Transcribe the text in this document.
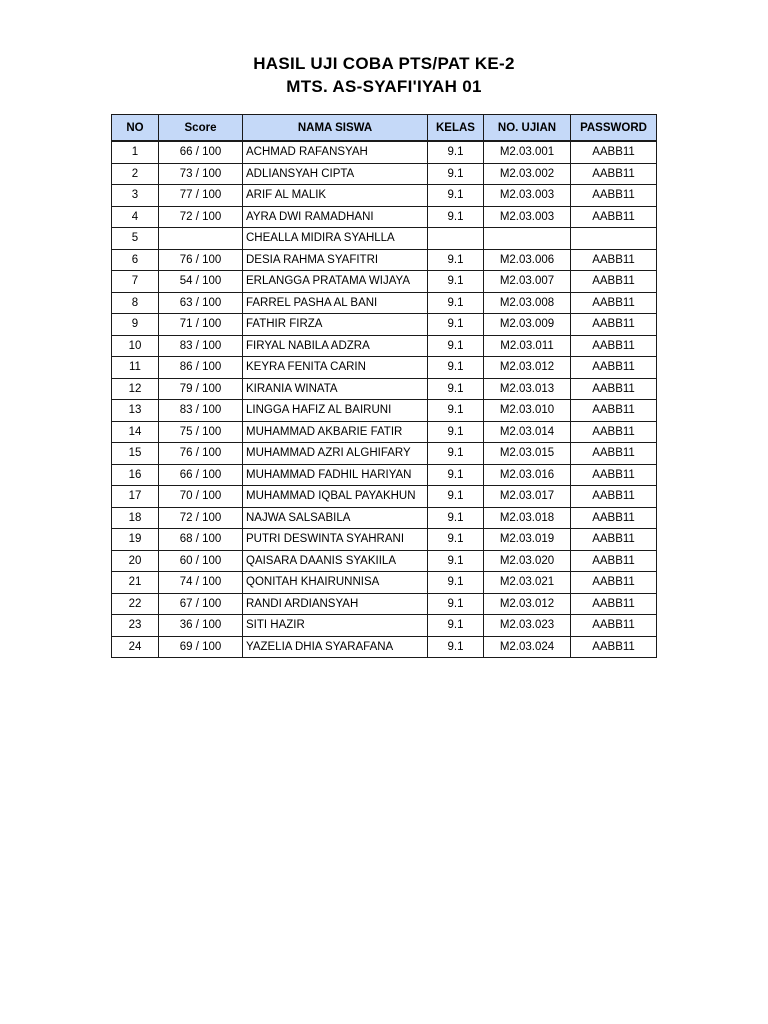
HASIL UJI COBA PTS/PAT KE-2

MTS. AS-SYAFI'IYAH 01

NO	Score	NAMA SISWA	KELAS	NO. UJIAN	PASSWORD
1	66 / 100	ACHMAD RAFANSYAH	9.1	M2.03.001	AABB11
2	73 / 100	ADLIANSYAH CIPTA	9.1	M2.03.002	AABB11
3	77 / 100	ARIF AL MALIK	9.1	M2.03.003	AABB11
4	72 / 100	AYRA DWI RAMADHANI	9.1	M2.03.003	AABB11
5		CHEALLA MIDIRA SYAHLLA			
6	76 / 100	DESIA RAHMA SYAFITRI	9.1	M2.03.006	AABB11
7	54 / 100	ERLANGGA PRATAMA WIJAYA	9.1	M2.03.007	AABB11
8	63 / 100	FARREL PASHA AL BANI	9.1	M2.03.008	AABB11
9	71 / 100	FATHIR FIRZA	9.1	M2.03.009	AABB11
10	83 / 100	FIRYAL NABILA ADZRA	9.1	M2.03.011	AABB11
11	86 / 100	KEYRA FENITA CARIN	9.1	M2.03.012	AABB11
12	79 / 100	KIRANIA WINATA	9.1	M2.03.013	AABB11
13	83 / 100	LINGGA HAFIZ AL BAIRUNI	9.1	M2.03.010	AABB11
14	75 / 100	MUHAMMAD AKBARIE FATIR	9.1	M2.03.014	AABB11
15	76 / 100	MUHAMMAD AZRI ALGHIFARY	9.1	M2.03.015	AABB11
16	66 / 100	MUHAMMAD FADHIL HARIYAN	9.1	M2.03.016	AABB11
17	70 / 100	MUHAMMAD IQBAL PAYAKHUN	9.1	M2.03.017	AABB11
18	72 / 100	NAJWA SALSABILA	9.1	M2.03.018	AABB11
19	68 / 100	PUTRI DESWINTA SYAHRANI	9.1	M2.03.019	AABB11
20	60 / 100	QAISARA DAANIS SYAKIILA	9.1	M2.03.020	AABB11
21	74 / 100	QONITAH KHAIRUNNISA	9.1	M2.03.021	AABB11
22	67 / 100	RANDI ARDIANSYAH	9.1	M2.03.012	AABB11
23	36 / 100	SITI HAZIR	9.1	M2.03.023	AABB11
24	69 / 100	YAZELIA DHIA SYARAFANA	9.1	M2.03.024	AABB11
